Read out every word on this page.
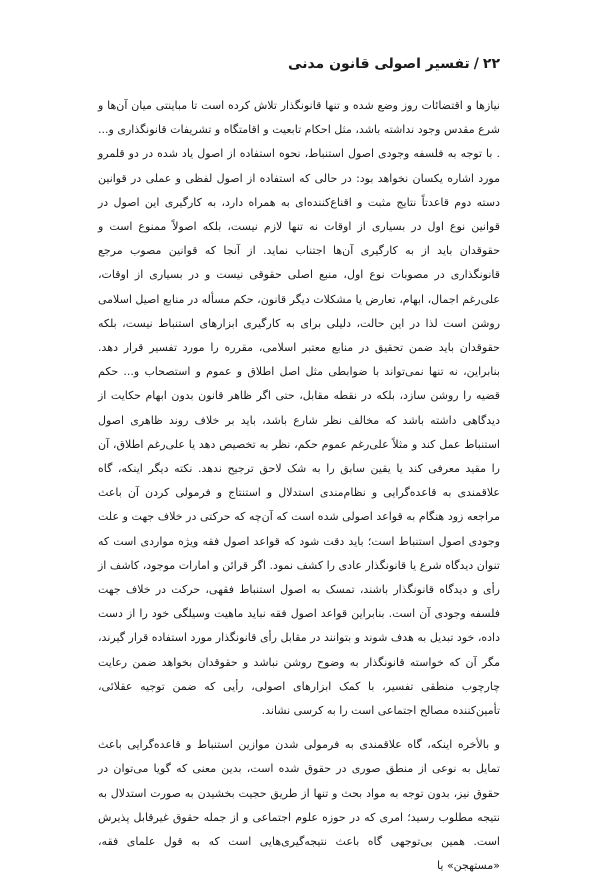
۲۲/تفسیر اصولی قانون مدنی

نیازها و اقتضائات روز وضع شده و تنها قانونگذار تلاش کرده است تا مباینتی میان آن‌ها و شرع مقدس وجود نداشته باشد، مثل احکام تابعیت و اقامتگاه و تشریفات قانونگذاری و... . با توجه به فلسفه وجودی اصول استنباط، نحوه استفاده از اصول یاد شده در دو قلمرو مورد اشاره یکسان نخواهد بود: در حالی که استفاده از اصول لفظی و عملی در قوانین دسته دوم قاعدتاً نتایج مثبت و اقناع‌کننده‌ای به همراه دارد، به کارگیری این اصول در قوانین نوع اول در بسیاری از اوقات نه تنها لازم نیست، بلکه اصولاً ممنوع است و حقوقدان باید از به کارگیری آن‌ها اجتناب نماید. از آنجا که قوانین مصوب مرجع قانونگذاری در مصوبات نوع اول، منبع اصلی حقوقی نیست و در بسیاری از اوقات، علی‌رغم اجمال، ابهام، تعارض یا مشکلات دیگر قانون، حکم مسأله در منابع اصیل اسلامی روشن است لذا در این حالت، دلیلی برای به کارگیری ابزارهای استنباط نیست، بلکه حقوقدان باید ضمن تحقیق در منابع معتبر اسلامی، مقرره را مورد تفسیر قرار دهد. بنابراین، نه تنها نمی‌تواند با ضوابطی مثل اصل اطلاق و عموم و استصحاب و... حکم قضیه را روشن سازد، بلکه در نقطه مقابل، حتی اگر ظاهر قانون بدون ابهام حکایت از دیدگاهی داشته باشد که مخالف نظر شارع باشد، باید بر خلاف روند ظاهری اصول استنباط عمل کند و مثلاً علی‌رغم عموم حکم، نظر به تخصیص دهد یا علی‌رغم اطلاق، آن را مقید معرفی کند یا یقین سابق را به شک لاحق ترجیح ندهد. نکته دیگر اینکه، گاه علاقمندی به قاعده‌گرایی و نظام‌مندی استدلال و استنتاج و فرمولی کردن آن باعث مراجعه زود هنگام به قواعد اصولی شده است که آن‌چه که حرکتی در خلاف جهت و علت وجودی اصول استنباط است؛ باید دقت شود که قواعد اصول فقه ویژه مواردی است که تنوان دیدگاه شرع یا قانونگذار عادی را کشف نمود. اگر قرائن و امارات موجود، کاشف از رأی و دیدگاه قانونگذار باشند، تمسک به اصول استنباط فقهی، حرکت در خلاف جهت فلسفه وجودی آن است. بنابراین قواعد اصول فقه نباید ماهیت وسیلگی خود را از دست داده، خود تبدیل به هدف شوند و بتوانند در مقابل رأی قانونگذار مورد استفاده قرار گیرند، مگر آن که خواسته قانونگذار به وضوح روشن نباشد و حقوقدان بخواهد ضمن رعایت چارچوب منطقی تفسیر، با کمک ابزارهای اصولی، رأیی که ضمن توجیه عقلائی، تأمین‌کننده مصالح اجتماعی است را به کرسی نشاند.

و بالأخره اینکه، گاه علاقمندی به فرمولی شدن موازین استنباط و قاعده‌گرایی باعث تمایل به نوعی از منطق صوری در حقوق شده است، بدین معنی که گویا می‌توان در حقوق نیز، بدون توجه به مواد بحث و تنها از طریق حجیت بخشیدن به صورت استدلال به نتیجه مطلوب رسید؛ امری که در حوزه علوم اجتماعی و از جمله حقوق غیرقابل پذیرش است. همین بی‌توجهی گاه باعث نتیجه‌گیری‌هایی است که به قول علمای فقه، «مستهجن» یا
